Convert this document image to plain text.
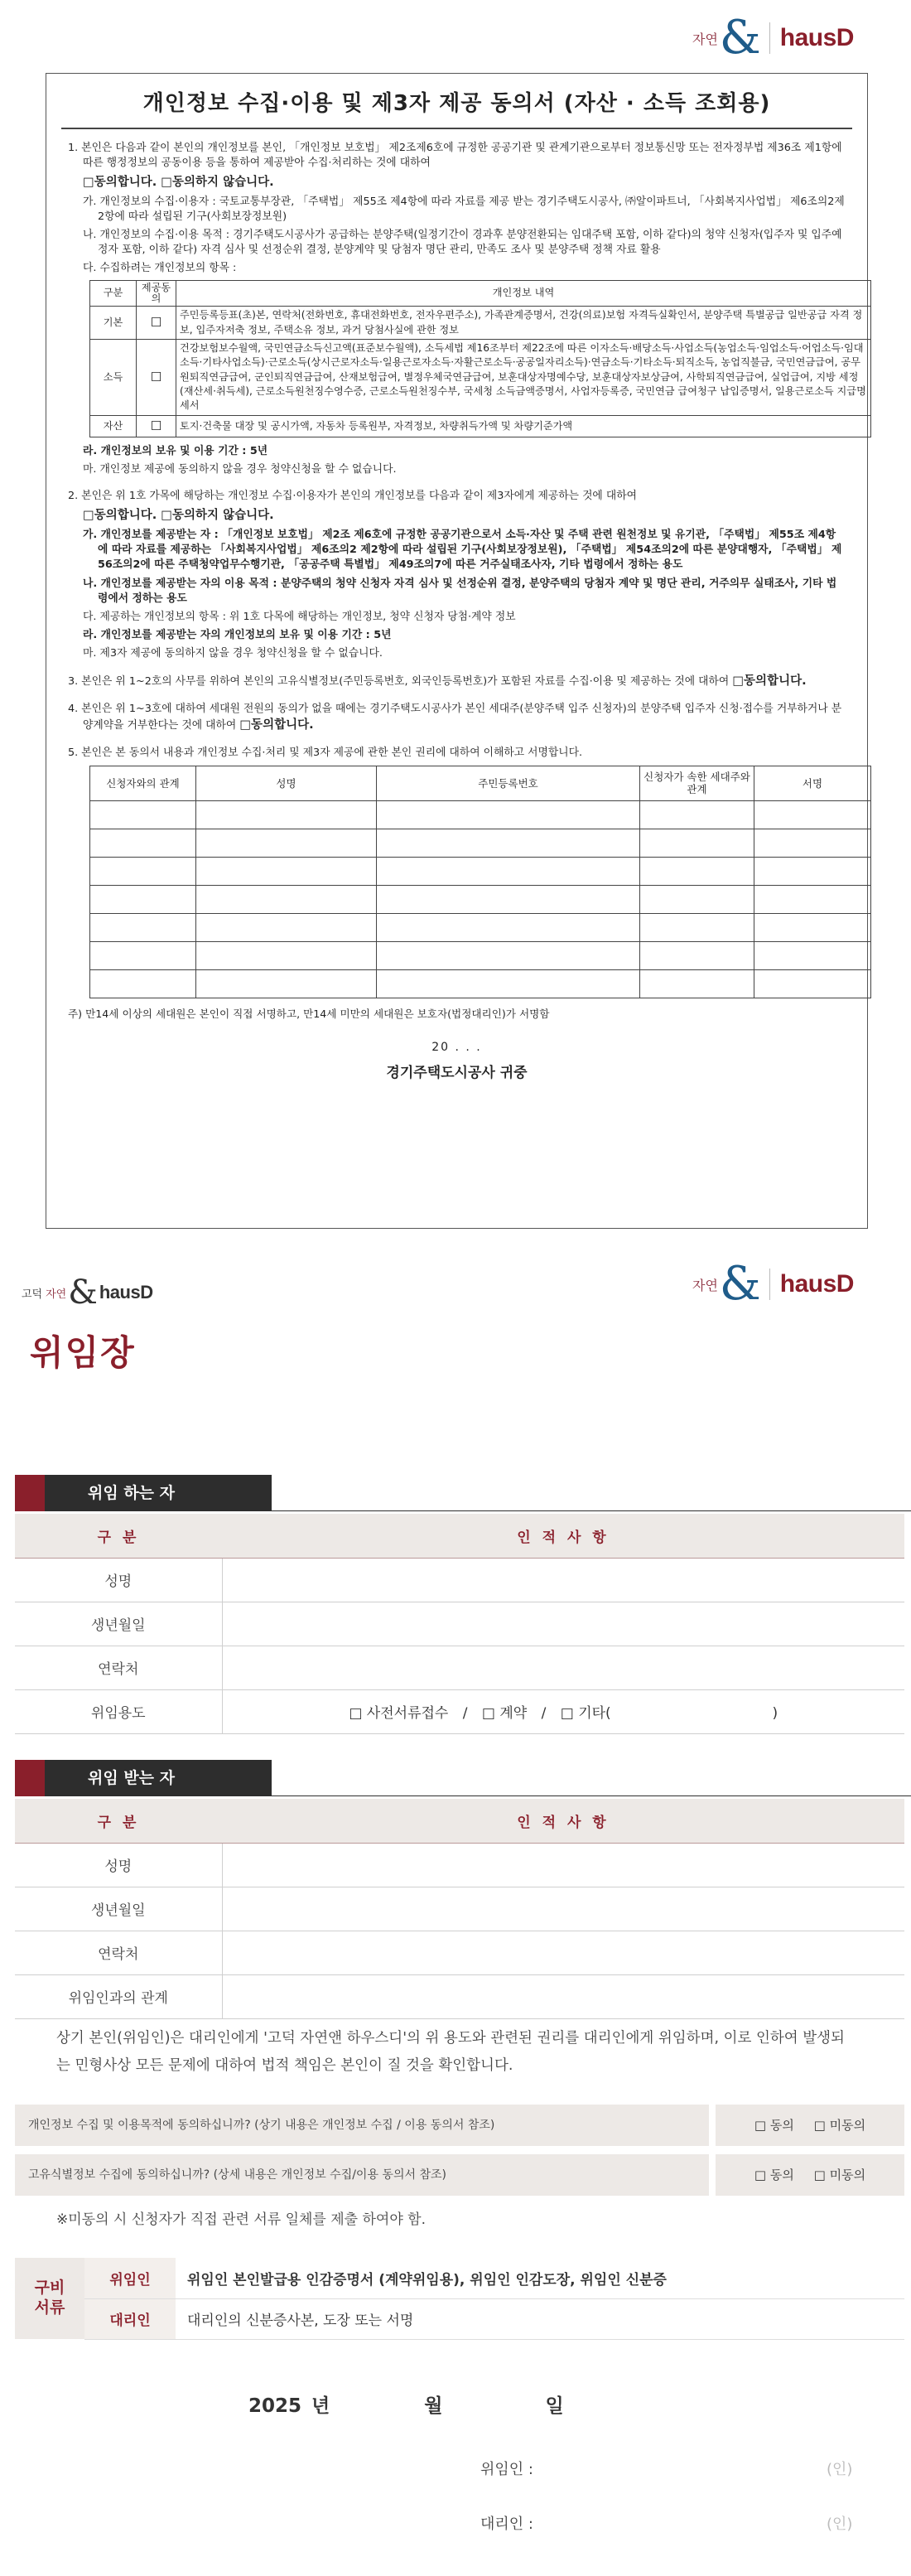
자연 & hausD
개인정보 수집·이용 및 제3자 제공 동의서 (자산 · 소득 조회용)

1. 본인은 다음과 같이 본인의 개인정보를 본인, 「개인정보 보호법」 제2조제6호에 규정한 공공기관 및 관계기관으로부터 정보통신망 또는 전자정부법 제36조 제1항에 따른 행정정보의 공동이용 등을 통하여 제공받아 수집·처리하는 것에 대하여

□동의합니다. □동의하지 않습니다.

가. 개인정보의 수집·이용자 : 국토교통부장관, 「주택법」 제55조 제4항에 따라 자료를 제공 받는 경기주택도시공사, ㈜알이파트너, 「사회복지사업법」 제6조의2제2항에 따라 설립된 기구(사회보장정보원)

나. 개인정보의 수집·이용 목적 : 경기주택도시공사가 공급하는 분양주택(일정기간이 경과후 분양전환되는 임대주택 포함, 이하 같다)의 청약 신청자(입주자 및 입주예정자 포함, 이하 같다) 자격 심사 및 선정순위 결정, 분양계약 및 당첨자 명단 관리, 만족도 조사 및 분양주택 정책 자료 활용

다. 수집하려는 개인정보의 항목 :

구분	제공동의	개인정보 내역
기본	☐	주민등록등표(초)본, 연락처(전화번호, 휴대전화번호, 전자우편주소), 가족관계증명서, 건강(의료)보험 자격득실확인서, 분양주택 특별공급 일반공급 자격 정보, 입주자저축 정보, 주택소유 정보, 과거 당첨사실에 관한 정보
소득	☐	건강보험보수월액, 국민연금소득신고액(표준보수월액), 소득세법 제16조부터 제22조에 따른 이자소득·배당소득·사업소득(농업소득·임업소득·어업소득·임대소득·기타사업소득)·근로소득(상시근로자소득·일용근로자소득·자활근로소득·공공일자리소득)·연금소득·기타소득·퇴직소득, 농업직불금, 국민연금급여, 공무원퇴직연금급여, 군인퇴직연금급여, 산재보험급여, 별정우체국연금급여, 보훈대상자명예수당, 보훈대상자보상금여, 사학퇴직연금급여, 실업급여, 지방 세정(재산세·취득세), 근로소득원천징수영수증, 근로소득원천징수부, 국세청 소득금액증명서, 사업자등록증, 국민연금 급여청구 납입증명서, 일용근로소득 지급명세서
자산	☐	토지·건축물 대장 및 공시가액, 자동차 등록원부, 자격정보, 차량취득가액 및 차량기준가액

라. 개인정보의 보유 및 이용 기간 : 5년

마. 개인정보 제공에 동의하지 않을 경우 청약신청을 할 수 없습니다.

2. 본인은 위 1호 가목에 해당하는 개인정보 수집·이용자가 본인의 개인정보를 다음과 같이 제3자에게 제공하는 것에 대하여

□동의합니다. □동의하지 않습니다.

가. 개인정보를 제공받는 자 : 「개인정보 보호법」 제2조 제6호에 규정한 공공기관으로서 소득·자산 및 주택 관련 원천정보 및 유기관, 「주택법」 제55조 제4항에 따라 자료를 제공하는 「사회복지사업법」 제6조의2 제2항에 따라 설립된 기구(사회보장정보원), 「주택법」 제54조의2에 따른 분양대행자, 「주택법」 제56조의2에 따른 주택청약업무수행기관, 「공공주택 특별법」 제49조의7에 따른 거주실태조사자, 기타 법령에서 정하는 용도

나. 개인정보를 제공받는 자의 이용 목적 : 분양주택의 청약 신청자 자격 심사 및 선정순위 결정, 분양주택의 당첨자 계약 및 명단 관리, 거주의무 실태조사, 기타 법령에서 정하는 용도

다. 제공하는 개인정보의 항목 : 위 1호 다목에 해당하는 개인정보, 청약 신청자 당첨·계약 정보

라. 개인정보를 제공받는 자의 개인정보의 보유 및 이용 기간 : 5년

마. 제3자 제공에 동의하지 않을 경우 청약신청을 할 수 없습니다.

3. 본인은 위 1~2호의 사무를 위하여 본인의 고유식별정보(주민등록번호, 외국인등록번호)가 포함된 자료를 수집·이용 및 제공하는 것에 대하여 □동의합니다.

4. 본인은 위 1~3호에 대하여 세대원 전원의 동의가 없을 때에는 경기주택도시공사가 본인 세대주(분양주택 입주 신청자)의 분양주택 입주자 신청·접수를 거부하거나 분양계약을 거부한다는 것에 대하여 □동의합니다.

5. 본인은 본 동의서 내용과 개인정보 수집·처리 및 제3자 제공에 관한 본인 권리에 대하여 이해하고 서명합니다.

신청자와의 관계	성명	주민등록번호	신청자가 속한 세대주와 관계	서명

주) 만14세 이상의 세대원은 본인이 직접 서명하고, 만14세 미만의 세대원은 보호자(법정대리인)가 서명함

20 . . .
경기주택도시공사 귀중
고덕 자연 & hausD	자연 & hausD
위임장
위임 하는 자
구 분	인 적 사 항
성명	
생년월일	
연락처	
위임용도	□ 사전서류접수 / □ 계약 / □ 기타( )
위임 받는 자
구 분	인 적 사 항
성명	
생년월일	
연락처	
위임인과의 관계	
상기 본인(위임인)은 대리인에게 '고덕 자연앤 하우스디'의 위 용도와 관련된 권리를 대리인에게 위임하며, 이로 인하여 발생되는 민형사상 모든 문제에 대하여 법적 책임은 본인이 질 것을 확인합니다.
개인정보 수집 및 이용목적에 동의하십니까? (상기 내용은 개인정보 수집 / 이용 동의서 참조)	□ 동의 □ 미동의
고유식별정보 수집에 동의하십니까? (상세 내용은 개인정보 수집/이용 동의서 참조)	□ 동의 □ 미동의
※미동의 시 신청자가 직접 관련 서류 일체를 제출 하여야 함.
구비
서류	위임인	위임인 본인발급용 인감증명서 (계약위임용), 위임인 인감도장, 위임인 신분증
	대리인	대리인의 신분증사본, 도장 또는 서명
2025 년	월	일
위임인 :	(인)
대리인 :	(인)
